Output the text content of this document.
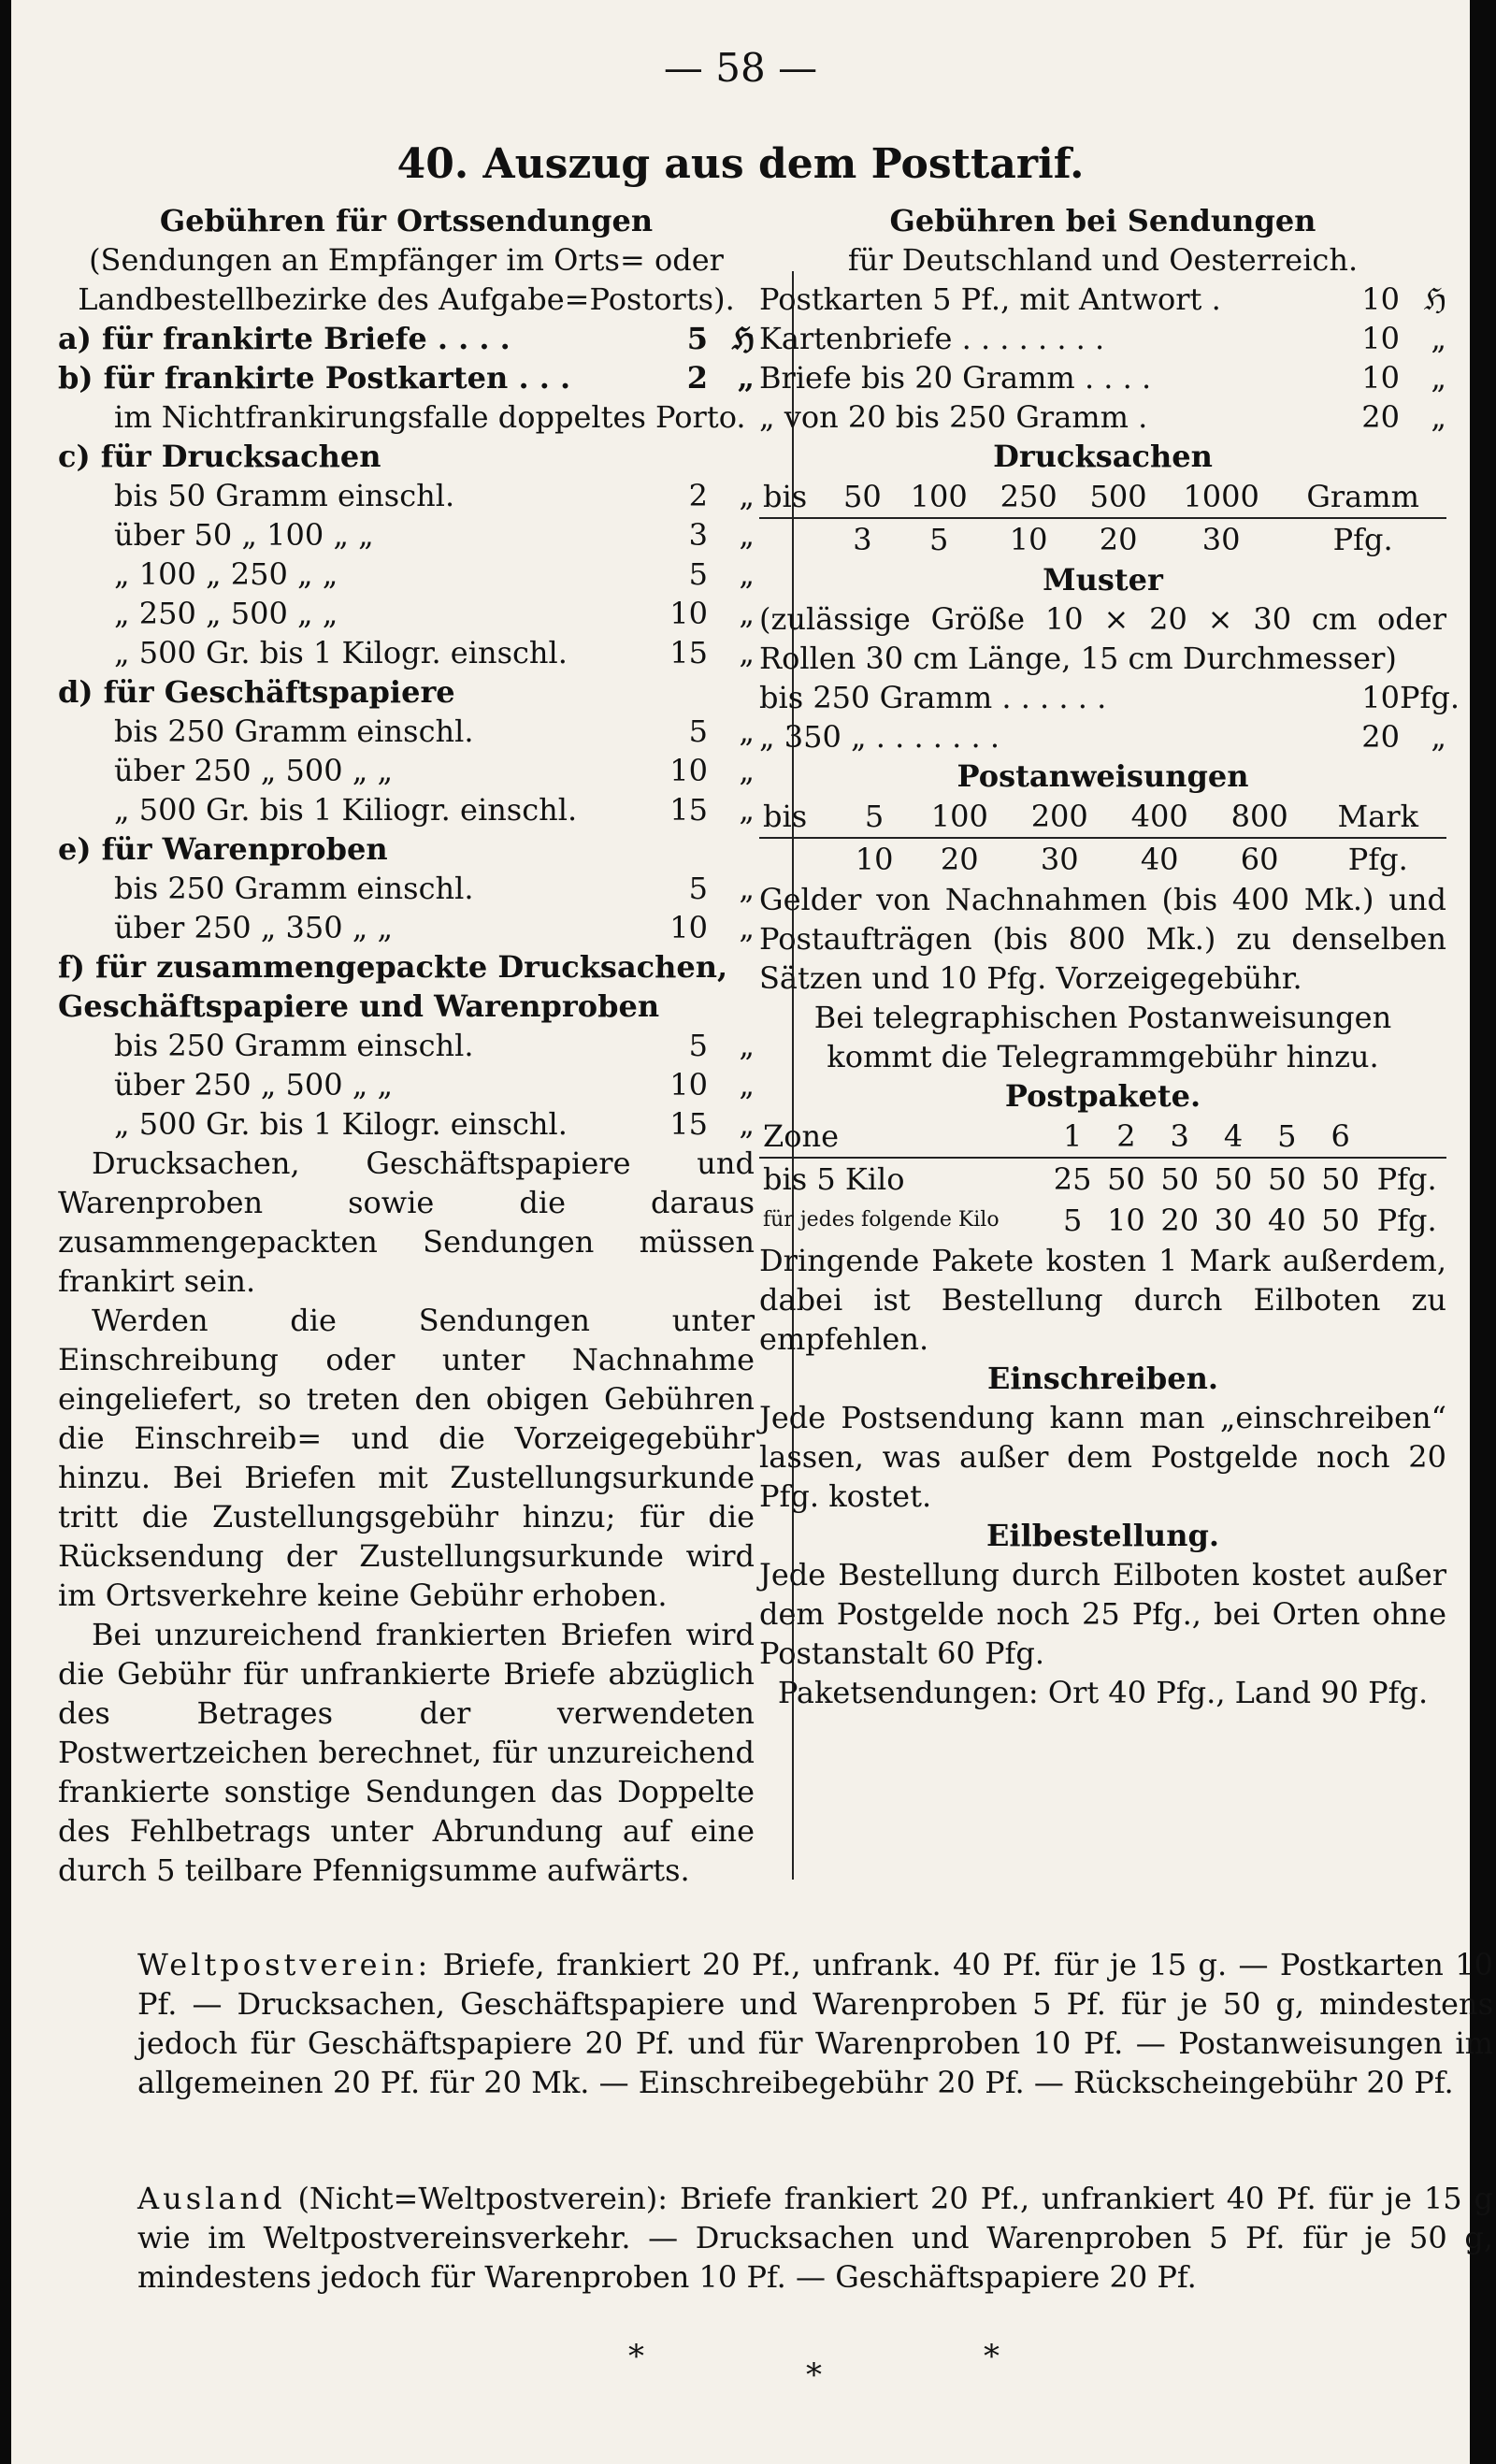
— 58 —
40. Auszug aus dem Posttarif.
Gebühren für Ortssendungen
(Sendungen an Empfänger im Orts= oder Landbestellbezirke des Aufgabe=Postorts).
a) für frankirte Briefe . . . .	5 ℌ
b) für frankirte Postkarten . . .	2 „
im Nichtfrankirungsfalle doppeltes Porto.
c) für Drucksachen
bis 50 Gramm einschl.	2	„
über 50 „ 100 „ „	3	„
„ 100 „ 250 „ „	5	„
„ 250 „ 500 „ „	10	„
„ 500 Gr. bis 1 Kilogr. einschl.	15	„
d) für Geschäftspapiere
bis 250 Gramm einschl.	5	„
über 250 „ 500 „ „	10	„
„ 500 Gr. bis 1 Kiliogr. einschl.	15	„
e) für Warenproben
bis 250 Gramm einschl.	5	„
über 250 „ 350 „ „	10	„
f) für zusammengepackte Drucksachen, Geschäftspapiere und Warenproben
bis 250 Gramm einschl.	5	„
über 250 „ 500 „ „	10	„
„ 500 Gr. bis 1 Kilogr. einschl.	15	„
Drucksachen, Geschäftspapiere und Warenproben sowie die daraus zusammengepackten Sendungen müssen frankirt sein.
Werden die Sendungen unter Einschreibung oder unter Nachnahme eingeliefert, so treten den obigen Gebühren die Einschreib= und die Vorzeigegebühr hinzu. Bei Briefen mit Zustellungsurkunde tritt die Zustellungsgebühr hinzu; für die Rücksendung der Zustellungsurkunde wird im Ortsverkehre keine Gebühr erhoben.
Bei unzureichend frankierten Briefen wird die Gebühr für unfrankierte Briefe abzüglich des Betrages der verwendeten Postwertzeichen berechnet, für unzureichend frankierte sonstige Sendungen das Doppelte des Fehlbetrags unter Abrundung auf eine durch 5 teilbare Pfennigsumme aufwärts.
Gebühren bei Sendungen
für Deutschland und Oesterreich.
Postkarten 5 Pf., mit Antwort .	10 ℌ
Kartenbriefe . . . . . . . .	10	„
Briefe bis 20 Gramm . . . .	10	„
„ von 20 bis 250 Gramm .	20	„
Drucksachen
bis	50	100	250	500	1000	Gramm
	3	5	10	20	30	Pfg.
Muster
(zulässige Größe 10 × 20 × 30 cm oder Rollen 30 cm Länge, 15 cm Durchmesser)
bis 250 Gramm . . . . . .	10 Pfg.
„ 350 „ . . . . . . .	20	„
Postanweisungen
bis	5	100	200	400	800	Mark
	10	20	30	40	60	Pfg.
Gelder von Nachnahmen (bis 400 Mk.) und Postaufträgen (bis 800 Mk.) zu denselben Sätzen und 10 Pfg. Vorzeigegebühr.
Bei telegraphischen Postanweisungen kommt die Telegrammgebühr hinzu.
Postpakete.
Zone	1	2	3	4	5	6	
bis 5 Kilo	25	50	50	50	50	50	Pfg.
für jedes folgende Kilo	5	10	20	30	40	50	Pfg.
Dringende Pakete kosten 1 Mark außerdem, dabei ist Bestellung durch Eilboten zu empfehlen.
Einschreiben.
Jede Postsendung kann man „einschreiben“ lassen, was außer dem Postgelde noch 20 Pfg. kostet.
Eilbestellung.
Jede Bestellung durch Eilboten kostet außer dem Postgelde noch 25 Pfg., bei Orten ohne Postanstalt 60 Pfg.
Paketsendungen: Ort 40 Pfg., Land 90 Pfg.
Weltpostverein: Briefe, frankiert 20 Pf., unfrank. 40 Pf. für je 15 g. — Postkarten 10 Pf. — Drucksachen, Geschäftspapiere und Warenproben 5 Pf. für je 50 g, mindestens jedoch für Geschäftspapiere 20 Pf. und für Warenproben 10 Pf. — Postanweisungen im allgemeinen 20 Pf. für 20 Mk. — Einschreibegebühr 20 Pf. — Rückscheingebühr 20 Pf.
Ausland (Nicht=Weltpostverein): Briefe frankiert 20 Pf., unfrankiert 40 Pf. für je 15 g wie im Weltpostvereinsverkehr. — Drucksachen und Warenproben 5 Pf. für je 50 g, mindestens jedoch für Warenproben 10 Pf. — Geschäftspapiere 20 Pf.
*	*	*
